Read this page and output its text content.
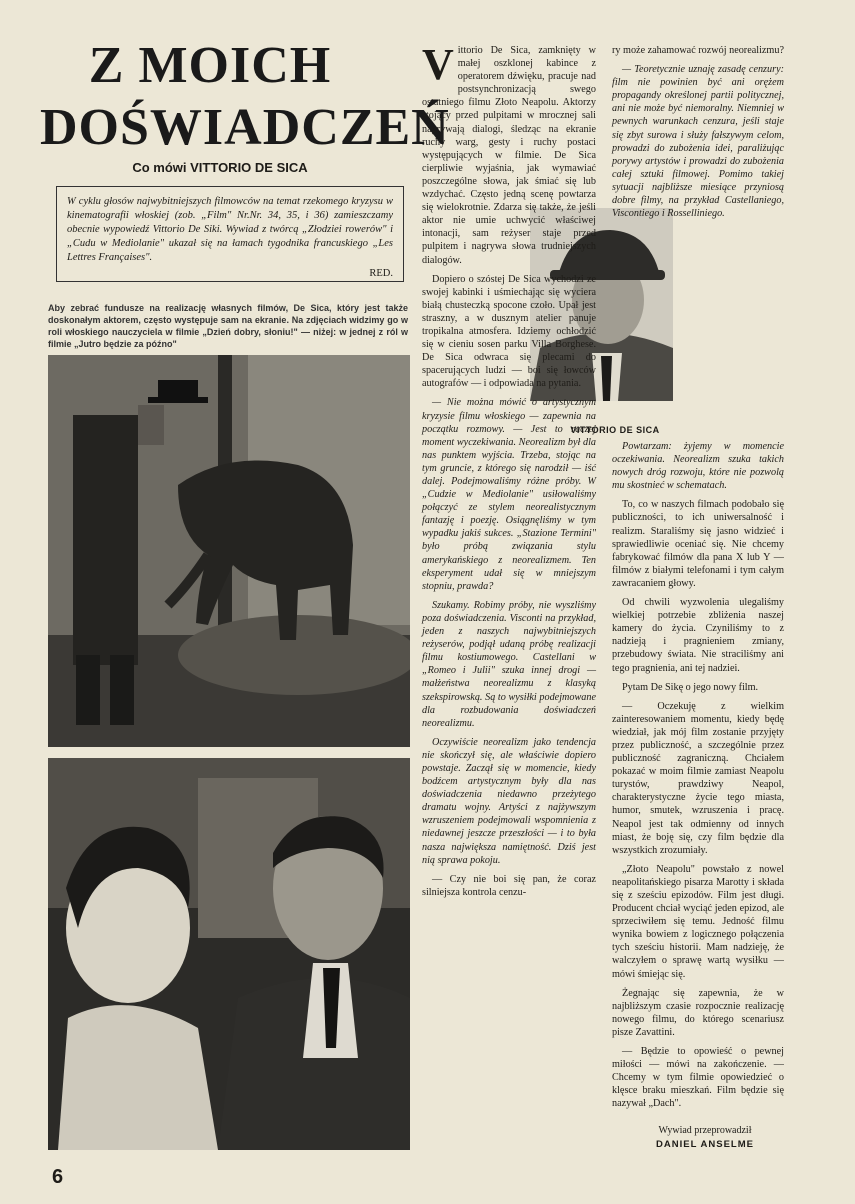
Z MOICH
DOŚWIADCZEŃ
Co mówi VITTORIO DE SICA
W cyklu głosów najwybitniejszych filmowców na temat rzekomego kryzysu w kinematografii włoskiej (zob. „Film" Nr.Nr. 34, 35, i 36) zamieszczamy obecnie wypowiedź Vittorio De Siki. Wywiad z twórcą „Złodziei rowerów" i „Cudu w Mediolanie" ukazał się na łamach tygodnika francuskiego „Les Lettres Françaises".
RED.
Aby zebrać fundusze na realizację własnych filmów, De Sica, który jest także doskonałym aktorem, często występuje sam na ekranie. Na zdjęciach widzimy go w roli włoskiego nauczyciela w filmie „Dzień dobry, słoniu!" — niżej: w jednej z ról w filmie „Jutro będzie za późno"
VITTORIO DE SICA

Vittorio De Sica, zamknięty w małej oszklonej kabince z operatorem dźwięku, pracuje nad postsynchronizacją swego ostatniego filmu Złoto Neapolu. Aktorzy stojący przed pulpitami w mrocznej sali nagrywają dialogi, śledząc na ekranie ruchy warg, gesty i ruchy postaci występujących w filmie. De Sica cierpliwie wyjaśnia, jak wymawiać poszczególne słowa, jak śmiać się lub wzdychać. Często jedną scenę powtarza się wielokrotnie. Zdarza się także, że jeśli aktor nie umie uchwycić właściwej intonacji, sam reżyser staje przed pulpitem i nagrywa słowa trudniejszych dialogów.

Dopiero o szóstej De Sica wychodzi ze swojej kabinki i uśmiechając się wyciera białą chusteczką spocone czoło. Upał jest straszny, a w dusznym atelier panuje tropikalna atmosfera. Idziemy ochłodzić się w cieniu sosen parku Villa Borghese. De Sica odwraca się plecami do spacerujących ludzi — boi się łowców autografów — i odpowiada na pytania.

— Nie można mówić o artystycznym kryzysie filmu włoskiego — zapewnia na początku rozmowy. — Jest to raczej moment wyczekiwania. Neorealizm był dla nas punktem wyjścia. Trzeba, stojąc na tym gruncie, z którego się narodził — iść dalej. Podejmowaliśmy różne próby. W „Cudzie w Mediolanie" usiłowaliśmy połączyć ze stylem neorealistycznym fantazję i poezję. Osiągnęliśmy w tym wypadku jakiś sukces. „Stazione Termini" było próbą związania stylu amerykańskiego z neorealizmem. Ten eksperyment udał się w mniejszym stopniu, prawda?

Szukamy. Robimy próby, nie wyszliśmy poza doświadczenia. Visconti na przykład, jeden z naszych najwybitniejszych reżyserów, podjął udaną próbę realizacji filmu kostiumowego. Castellani w „Romeo i Julii" szuka innej drogi — małżeństwa neorealizmu z klasyką szekspirowską. Są to wysiłki podejmowane dla rozbudowania doświadczeń neorealizmu.

Oczywiście neorealizm jako tendencja nie skończył się, ale właściwie dopiero powstaje. Zaczął się w momencie, kiedy bodźcem artystycznym były dla nas doświadczenia niedawno przeżytego dramatu wojny. Artyści z najżywszym wzruszeniem podejmowali wspomnienia z niedawnej jeszcze przeszłości — i to była nasza największa namiętność. Dziś jest nią sprawa pokoju.

— Czy nie boi się pan, że coraz silniejsza kontrola cenzu-

ry może zahamować rozwój neorealizmu?

— Teoretycznie uznaję zasadę cenzury: film nie powinien być ani orężem propagandy określonej partii politycznej, ani nie może być niemoralny. Niemniej w pewnych warunkach cenzura, jeśli staje się zbyt surowa i służy fałszywym celom, prowadzi do zubożenia idei, paraliżując porywy artystów i prowadzi do zubożenia całej sztuki filmowej. Pomimo takiej sytuacji najbliższe miesiące przyniosą dobre filmy, na przykład Castellaniego, Viscontiego i Rosselliniego.

Powtarzam: żyjemy w momencie oczekiwania. Neorealizm szuka takich nowych dróg rozwoju, które nie pozwolą mu skostnieć w schematach.

To, co w naszych filmach podobało się publiczności, to ich uniwersalność i realizm. Staraliśmy się jasno widzieć i sprawiedliwie oceniać się. Nie chcemy fabrykować filmów dla pana X lub Y — filmów z białymi telefonami i tym całym zawracaniem głowy.

Od chwili wyzwolenia ulegaliśmy wielkiej potrzebie zbliżenia naszej kamery do życia. Czyniliśmy to z nadzieją i pragnieniem zmiany, przebudowy świata. Nie straciliśmy ani tego pragnienia, ani tej nadziei.

Pytam De Sikę o jego nowy film.

— Oczekuję z wielkim zainteresowaniem momentu, kiedy będę wiedział, jak mój film zostanie przyjęty przez publiczność, a szczególnie przez publiczność zagraniczną. Chciałem pokazać w moim filmie zamiast Neapolu turystów, prawdziwy Neapol, charakterystyczne życie tego miasta, humor, smutek, wzruszenia i pracę. Neapol jest tak odmienny od innych miast, że boję się, czy film będzie dla wszystkich zrozumiały.

„Złoto Neapolu" powstało z nowel neapolitańskiego pisarza Marotty i składa się z sześciu epizodów. Film jest długi. Producent chciał wyciąć jeden epizod, ale sprzeciwiłem się temu. Jedność filmu wynika bowiem z logicznego połączenia tych sześciu historii. Mam nadzieję, że walczyłem o sprawę wartą wysiłku — mówi śmiejąc się.

Żegnając się zapewnia, że w najbliższym czasie rozpocznie realizację nowego filmu, do którego scenariusz pisze Zavattini.

— Będzie to opowieść o pewnej miłości — mówi na zakończenie. — Chcemy w tym filmie opowiedzieć o klęsce braku mieszkań. Film będzie się nazywał „Dach".

Wywiad przeprowadził
DANIEL ANSELME
6
